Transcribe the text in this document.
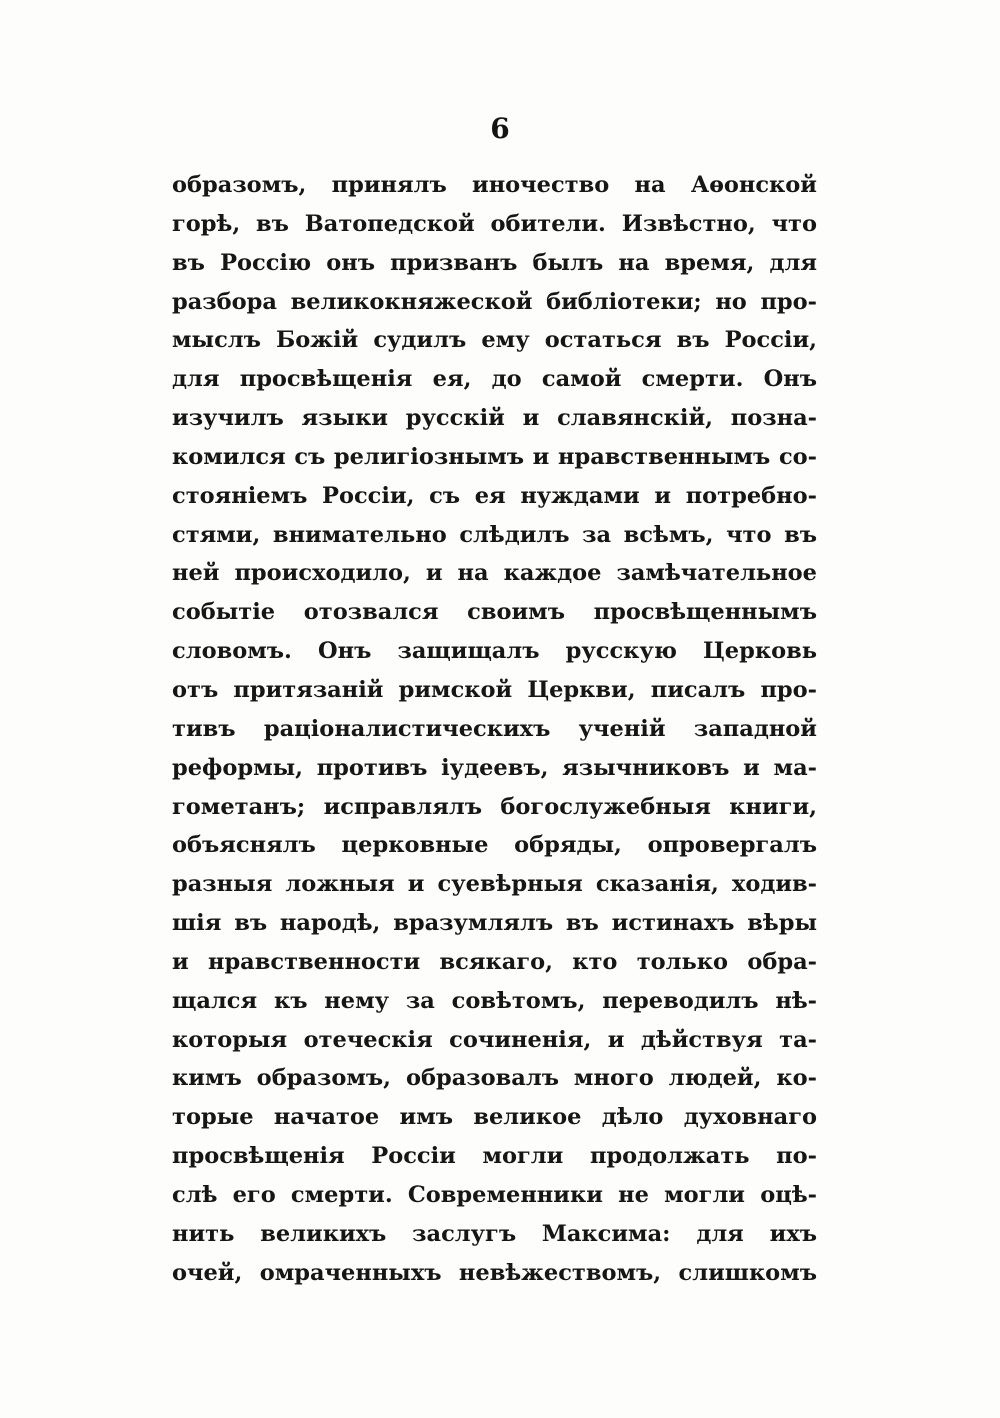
6
образомъ, принялъ иночество на Аѳонской
горѣ, въ Ватопедской обители. Извѣстно, что
въ Россію онъ призванъ былъ на время, для
разбора великокняжеской библіотеки; но про-
мыслъ Божій судилъ ему остаться въ Россіи,
для просвѣщенія ея, до самой смерти. Онъ
изучилъ языки русскій и славянскій, позна-
комился съ религіознымъ и нравственнымъ со-
стояніемъ Россіи, съ ея нуждами и потребно-
стями, внимательно слѣдилъ за всѣмъ, что въ
ней происходило, и на каждое замѣчательное
событіе отозвался своимъ просвѣщеннымъ
словомъ. Онъ защищалъ русскую Церковь
отъ притязаній римской Церкви, писалъ про-
тивъ раціоналистическихъ ученій западной
реформы, противъ іудеевъ, язычниковъ и ма-
гометанъ; исправлялъ богослужебныя книги,
объяснялъ церковные обряды, опровергалъ
разныя ложныя и суевѣрныя сказанія, ходив-
шія въ народѣ, вразумлялъ въ истинахъ вѣры
и нравственности всякаго, кто только обра-
щался къ нему за совѣтомъ, переводилъ нѣ-
которыя отеческія сочиненія, и дѣйствуя та-
кимъ образомъ, образовалъ много людей, ко-
торые начатое имъ великое дѣло духовнаго
просвѣщенія Россіи могли продолжать по-
слѣ его смерти. Современники не могли оцѣ-
нить великихъ заслугъ Максима: для ихъ
очей, омраченныхъ невѣжествомъ, слишкомъ
